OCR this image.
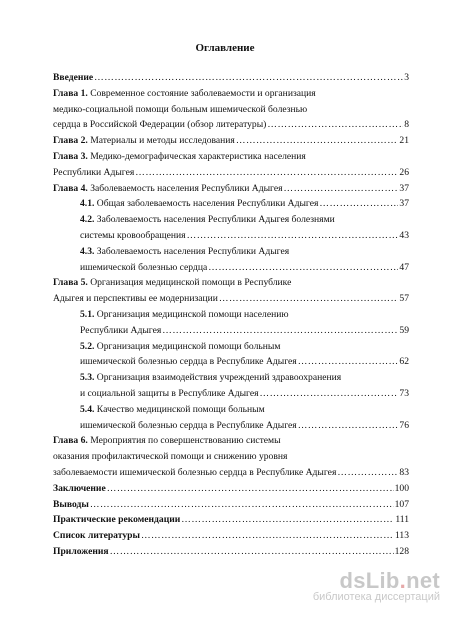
Оглавление
Введение ……………………………………………………………………………………………………………………………………………………………	3
Глава 1. Современное состояние заболеваемости и организация
медико-социальной помощи больным ишемической болезнью
сердца в Российской Федерации (обзор литературы) ……………………………………………………………………………………………………………………………………………………………	8
Глава 2. Материалы и методы исследования ……………………………………………………………………………………………………………………………………………………………	21
Глава 3. Медико-демографическая характеристика населения
Республики Адыгея ……………………………………………………………………………………………………………………………………………………………	26
Глава 4. Заболеваемость населения Республики Адыгея ……………………………………………………………………………………………………………………………………………………………	37
4.1. Общая заболеваемость населения Республики Адыгея ……………………………………………………………………………………………………………………………………………………………	37
4.2. Заболеваемость населения Республики Адыгея болезнями
системы кровообращения ……………………………………………………………………………………………………………………………………………………………	43
4.3. Заболеваемость населения Республики Адыгея
ишемической болезнью сердца ……………………………………………………………………………………………………………………………………………………………	47
Глава 5. Организация медицинской помощи в Республике
Адыгея и перспективы ее модернизации ……………………………………………………………………………………………………………………………………………………………	57
5.1. Организация медицинской помощи населению
Республики Адыгея ……………………………………………………………………………………………………………………………………………………………	59
5.2. Организация медицинской помощи больным
ишемической болезнью сердца в Республике Адыгея ……………………………………………………………………………………………………………………………………………………………	62
5.3. Организация взаимодействия учреждений здравоохранения
и социальной защиты в Республике Адыгея ……………………………………………………………………………………………………………………………………………………………	73
5.4. Качество медицинской помощи больным
ишемической болезнью сердца в Республике Адыгея ……………………………………………………………………………………………………………………………………………………………	76
Глава 6. Мероприятия по совершенствованию системы
оказания профилактической помощи и снижению уровня
заболеваемости ишемической болезнью сердца в Республике Адыгея ……………………………………………………………………………………………………………………………………………………………	83
Заключение ……………………………………………………………………………………………………………………………………………………………	100
Выводы ……………………………………………………………………………………………………………………………………………………………	107
Практические рекомендации ……………………………………………………………………………………………………………………………………………………………	111
Список литературы ……………………………………………………………………………………………………………………………………………………………	113
Приложения ……………………………………………………………………………………………………………………………………………………………	128
dsLib.net
библиотека диссертаций
